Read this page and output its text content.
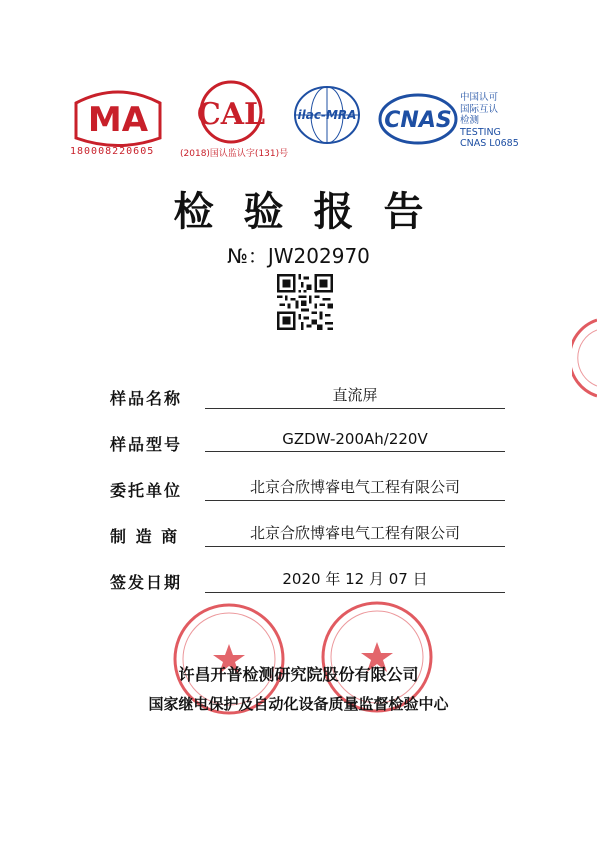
MA
180008220605
CAL
(2018)国认监认字(131)号
ilac-MRA CNAS
中国认可
国际互认
检测
TESTING
CNAS L0685
检验报告
№：JW202970
样品名称	直流屏
样品型号	GZDW-200Ah/220V
委托单位	北京合欣博睿电气工程有限公司
制 造 商	北京合欣博睿电气工程有限公司
签发日期	2020 年 12 月 07 日
许昌开普检测研究院股份有限公司
国家继电保护及自动化设备质量监督检验中心
